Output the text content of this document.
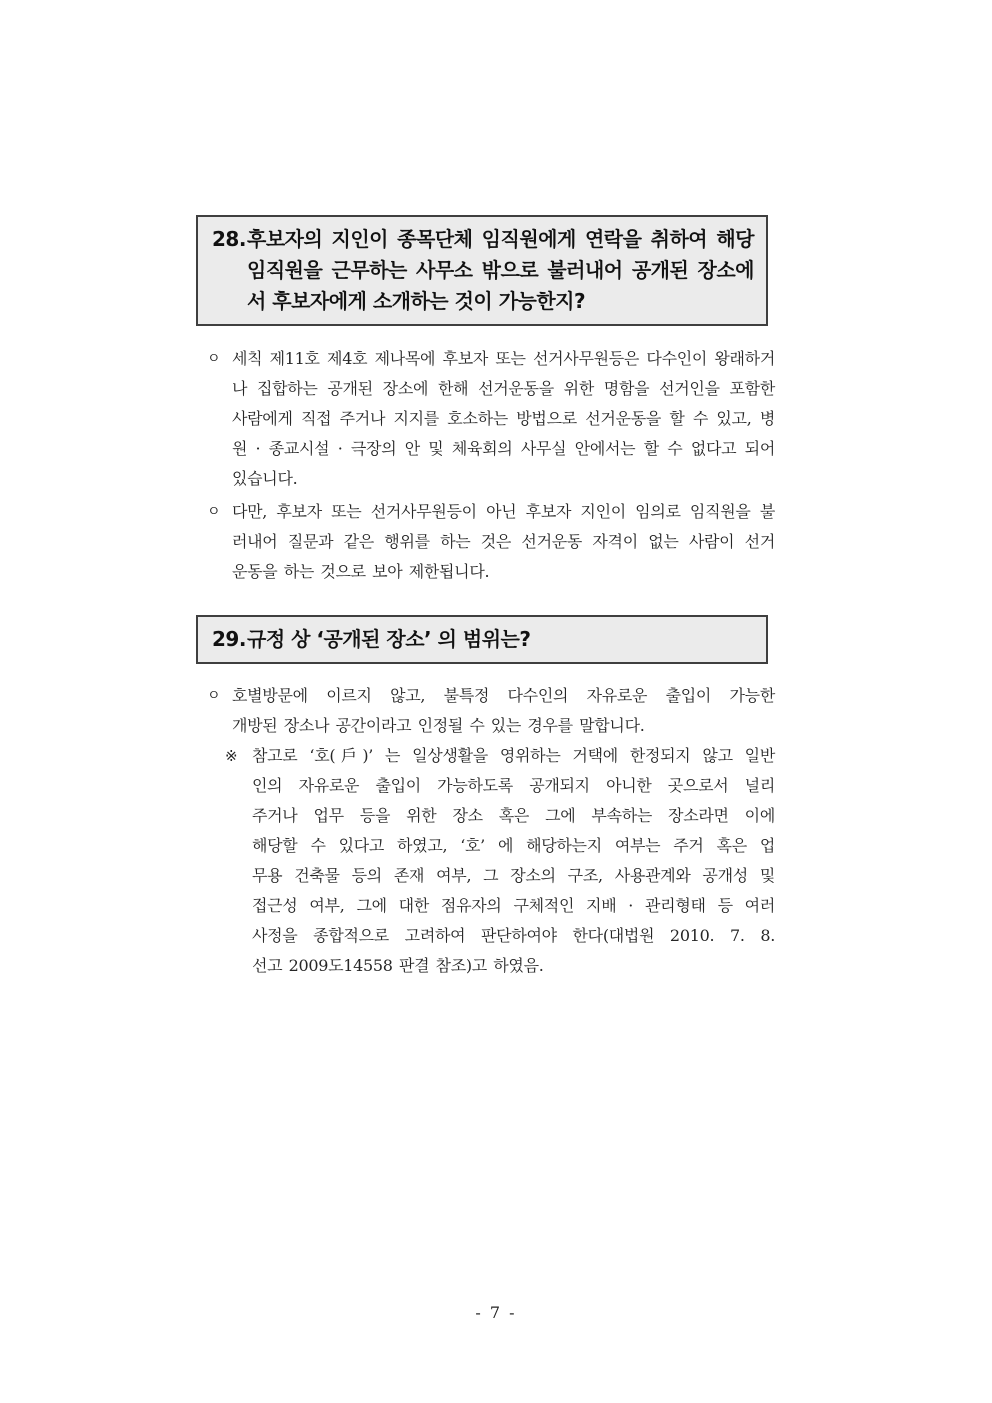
28. 후보자의 지인이 종목단체 임직원에게 연락을 취하여 해당
임직원을 근무하는 사무소 밖으로 불러내어 공개된 장소에
서 후보자에게 소개하는 것이 가능한지?
ㅇ 세칙 제11호 제4호 제나목에 후보자 또는 선거사무원등은 다수인이 왕래하거
나 집합하는 공개된 장소에 한해 선거운동을 위한 명함을 선거인을 포함한
사람에게 직접 주거나 지지를 호소하는 방법으로 선거운동을 할 수 있고, 병
원 · 종교시설 · 극장의 안 및 체육회의 사무실 안에서는 할 수 없다고 되어
있습니다.
ㅇ 다만, 후보자 또는 선거사무원등이 아닌 후보자 지인이 임의로 임직원을 불
러내어 질문과 같은 행위를 하는 것은 선거운동 자격이 없는 사람이 선거
운동을 하는 것으로 보아 제한됩니다.
29. 규정 상 ‘공개된 장소’ 의 범위는?
ㅇ 호별방문에 이르지 않고, 불특정 다수인의 자유로운 출입이 가능한
개방된 장소나 공간이라고 인정될 수 있는 경우를 말합니다.
※ 참고로 ‘호(戶)’ 는 일상생활을 영위하는 거택에 한정되지 않고 일반
인의 자유로운 출입이 가능하도록 공개되지 아니한 곳으로서 널리
주거나 업무 등을 위한 장소 혹은 그에 부속하는 장소라면 이에
해당할 수 있다고 하였고, ‘호’ 에 해당하는지 여부는 주거 혹은 업
무용 건축물 등의 존재 여부, 그 장소의 구조, 사용관계와 공개성 및
접근성 여부, 그에 대한 점유자의 구체적인 지배 · 관리형태 등 여러
사정을 종합적으로 고려하여 판단하여야 한다(대법원 2010. 7. 8.
선고 2009도14558 판결 참조)고 하였음.
- 7 -
